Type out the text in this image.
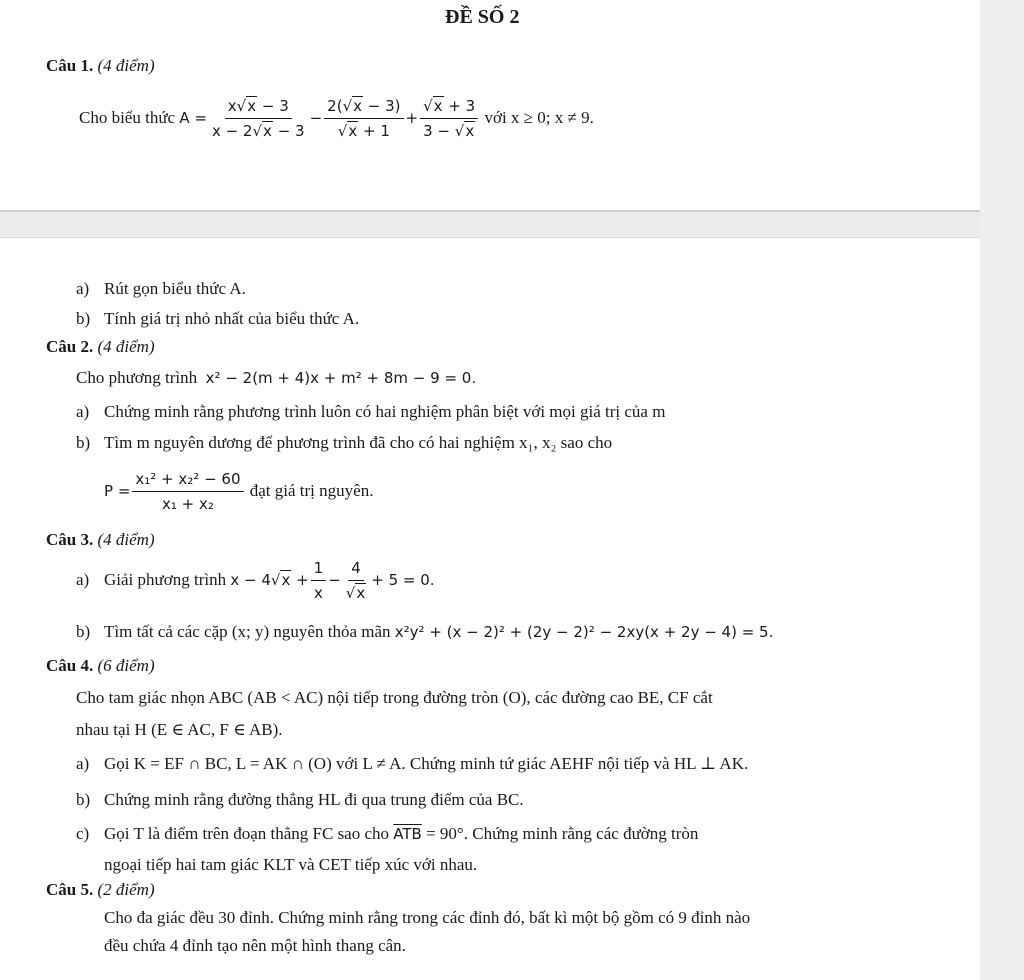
ĐỀ SỐ 2
Câu 1. (4 điểm)
Cho biểu thức
$A = \frac{x√x - 3}{x - 2√x - 3} - \frac{2(√x - 3)}{√x + 1} + \frac{√x + 3}{3 - √x}$
với x ≥ 0; x ≠ 9.
a) Rút gọn biểu thức A.
b) Tính giá trị nhỏ nhất của biểu thức A.
Câu 2. (4 điểm)
Cho phương trình x² − 2(m + 4)x + m² + 8m − 9 = 0.
a) Chứng minh rằng phương trình luôn có hai nghiệm phân biệt với mọi giá trị của m
b) Tìm m nguyên dương để phương trình đã cho có hai nghiệm x₁, x₂ sao cho
$P = \frac{\text{x₁² + x₂² − 60}}{\text{x₁ + x₂}}$
đạt giá trị nguyên.
Câu 3. (4 điểm)
a) Giải phương trình
$x - 4√x + \frac{1}{x} - \frac{4}{√x} + 5 = 0$.
b) Tìm tất cả các cặp (x; y) nguyên thỏa mãn x²y² + (x − 2)² + (2y − 2)² − 2xy(x + 2y − 4) = 5.
Câu 4. (6 điểm)
Cho tam giác nhọn ABC (AB < AC) nội tiếp trong đường tròn (O), các đường cao BE, CF cắt
nhau tại H (E ∈ AC, F ∈ AB).
a) Gọi K = EF ∩ BC, L = AK ∩ (O) với L ≠ A. Chứng minh tứ giác AEHF nội tiếp và HL ⊥ AK.
b) Chứng minh rằng đường thẳng HL đi qua trung điểm của BC.
c) Gọi T là điểm trên đoạn thẳng FC sao cho $\overline{ATB} = 90^\circ$. Chứng minh rằng các đường tròn
ngoại tiếp hai tam giác KLT và CET tiếp xúc với nhau.
Câu 5. (2 điểm)
Cho đa giác đều 30 đỉnh. Chứng minh rằng trong các đỉnh đó, bất kì một bộ gồm có 9 đỉnh nào
đều chứa 4 đỉnh tạo nên một hình thang cân.
